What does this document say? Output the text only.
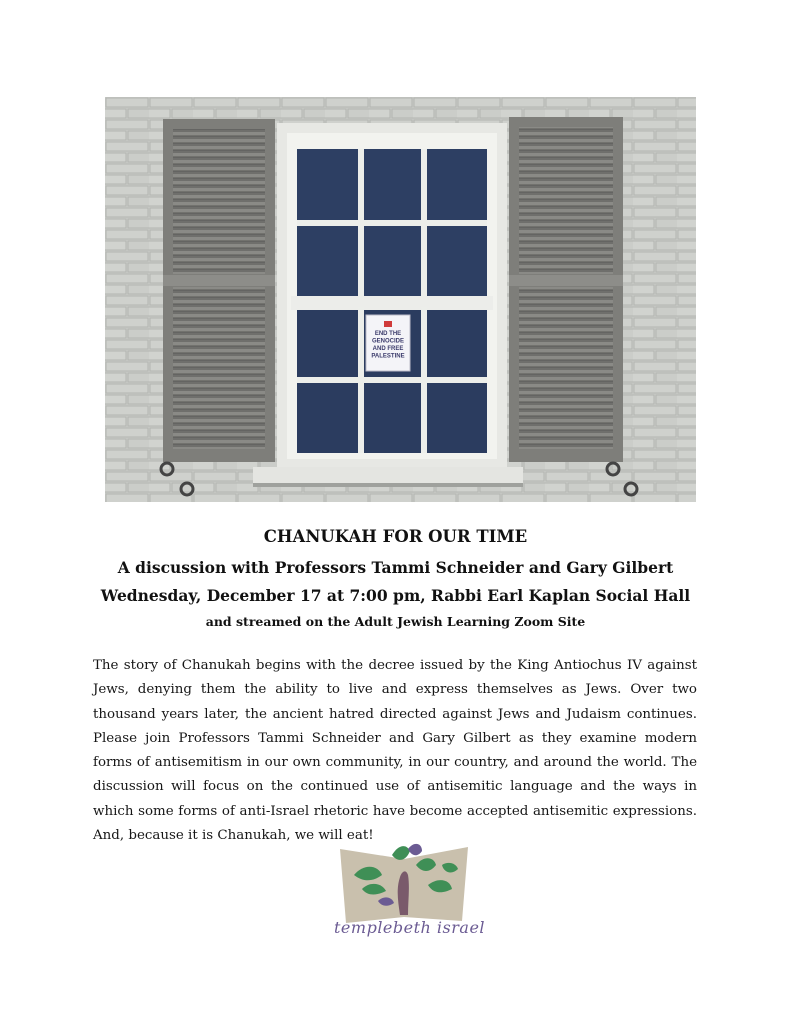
END THE GENOCIDE AND FREE PALESTINE
CHANUKAH FOR OUR TIME
A discussion with Professors Tammi Schneider and Gary Gilbert
Wednesday, December 17 at 7:00 pm, Rabbi Earl Kaplan Social Hall
and streamed on the Adult Jewish Learning Zoom Site

The story of Chanukah begins with the decree issued by the King Antiochus IV against Jews, denying them the ability to live and express themselves as Jews. Over two thousand years later, the ancient hatred directed against Jews and Judaism continues. Please join Professors Tammi Schneider and Gary Gilbert as they examine modern forms of antisemitism in our own community, in our country, and around the world. The discussion will focus on the continued use of antisemitic language and the ways in which some forms of anti-Israel rhetoric have become accepted antisemitic expressions. And, because it is Chanukah, we will eat!

templebeth israel
